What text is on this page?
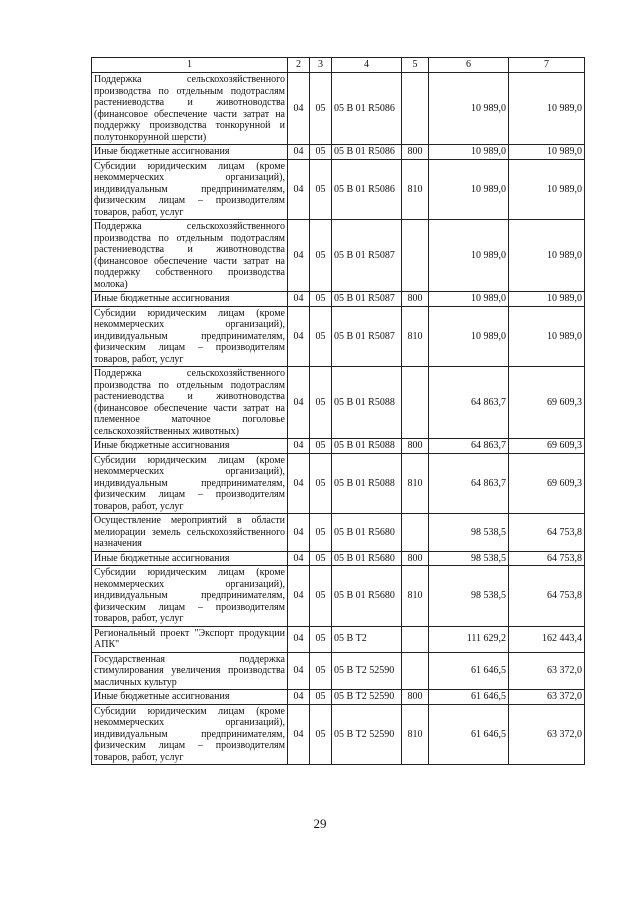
1	2	3	4	5	6	7
Поддержка сельскохозяйственного производства по отдельным подотраслям растениеводства и животноводства (финансовое обеспечение части затрат на поддержку производства тонкорунной и полутонкорунной шерсти)	04	05	05 В 01 R5086		10 989,0	10 989,0
Иные бюджетные ассигнования	04	05	05 В 01 R5086	800	10 989,0	10 989,0
Субсидии юридическим лицам (кроме некоммерческих организаций), индивидуальным предпринимателям, физическим лицам – производителям товаров, работ, услуг	04	05	05 В 01 R5086	810	10 989,0	10 989,0
Поддержка сельскохозяйственного производства по отдельным подотраслям растениеводства и животноводства (финансовое обеспечение части затрат на поддержку собственного производства молока)	04	05	05 В 01 R5087		10 989,0	10 989,0
Иные бюджетные ассигнования	04	05	05 В 01 R5087	800	10 989,0	10 989,0
Субсидии юридическим лицам (кроме некоммерческих организаций), индивидуальным предпринимателям, физическим лицам – производителям товаров, работ, услуг	04	05	05 В 01 R5087	810	10 989,0	10 989,0
Поддержка сельскохозяйственного производства по отдельным подотраслям растениеводства и животноводства (финансовое обеспечение части затрат на племенное маточное поголовье сельскохозяйственных животных)	04	05	05 В 01 R5088		64 863,7	69 609,3
Иные бюджетные ассигнования	04	05	05 В 01 R5088	800	64 863,7	69 609,3
Субсидии юридическим лицам (кроме некоммерческих организаций), индивидуальным предпринимателям, физическим лицам – производителям товаров, работ, услуг	04	05	05 В 01 R5088	810	64 863,7	69 609,3
Осуществление мероприятий в области мелиорации земель сельскохозяйственного назначения	04	05	05 В 01 R5680		98 538,5	64 753,8
Иные бюджетные ассигнования	04	05	05 В 01 R5680	800	98 538,5	64 753,8
Субсидии юридическим лицам (кроме некоммерческих организаций), индивидуальным предпринимателям, физическим лицам – производителям товаров, работ, услуг	04	05	05 В 01 R5680	810	98 538,5	64 753,8
Региональный проект "Экспорт продукции АПК"	04	05	05 В Т2		111 629,2	162 443,4
Государственная поддержка стимулирования увеличения производства масличных культур	04	05	05 В Т2 52590		61 646,5	63 372,0
Иные бюджетные ассигнования	04	05	05 В Т2 52590	800	61 646,5	63 372,0
Субсидии юридическим лицам (кроме некоммерческих организаций), индивидуальным предпринимателям, физическим лицам – производителям товаров, работ, услуг	04	05	05 В Т2 52590	810	61 646,5	63 372,0
29
